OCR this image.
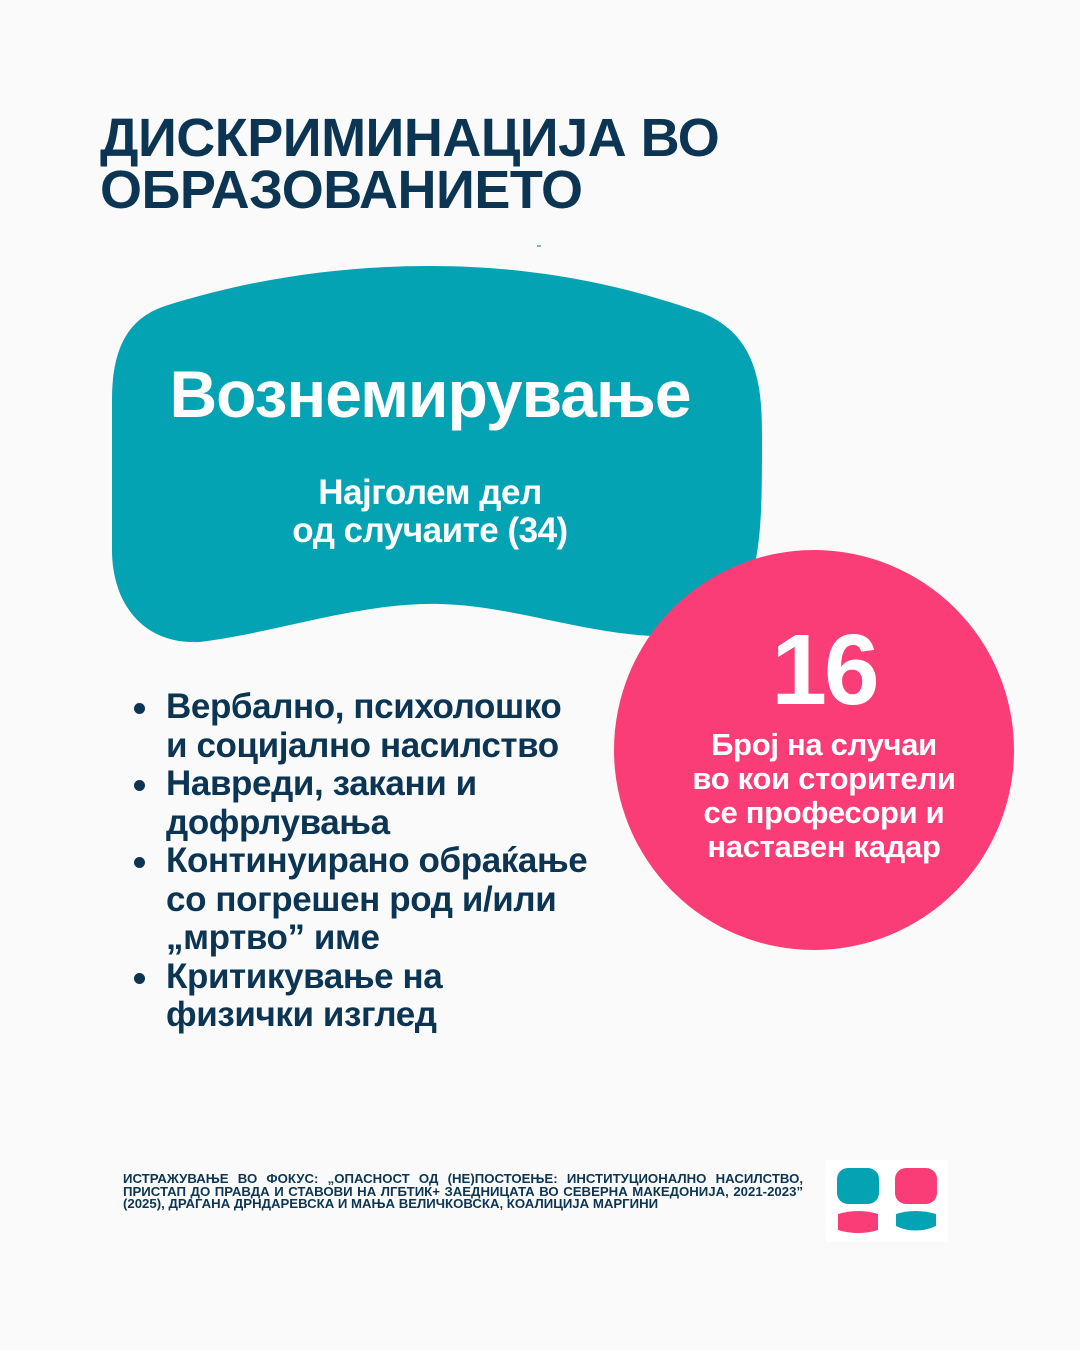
ДИСКРИМИНАЦИЈА ВО
ОБРАЗОВАНИЕТО
Вознемирување
Најголем дел
од случаите (34)
16
Број на случаи
во кои сторители
се професори и
наставен кадар
Вербално, психолошко
и социјално насилство
Навреди, закани и
дофрлувања
Континуирано обраќање
со погрешен род и/или
„мртво” име
Критикување на
физички изглед
ИСТРАЖУВАЊЕ ВО ФОКУС: „ОПАСНОСТ ОД (НЕ)ПОСТОЕЊЕ: ИНСТИТУЦИОНАЛНО НАСИЛСТВО, ПРИСТАП ДО ПРАВДА И СТАВОВИ НА ЛГБТИК+ ЗАЕДНИЦАТА ВО СЕВЕРНА МАКЕДОНИЈА, 2021-2023” (2025), ДРАГАНА ДРНДАРЕВСКА И МАЊА ВЕЛИЧКОВСКА, КОАЛИЦИЈА МАРГИНИ
